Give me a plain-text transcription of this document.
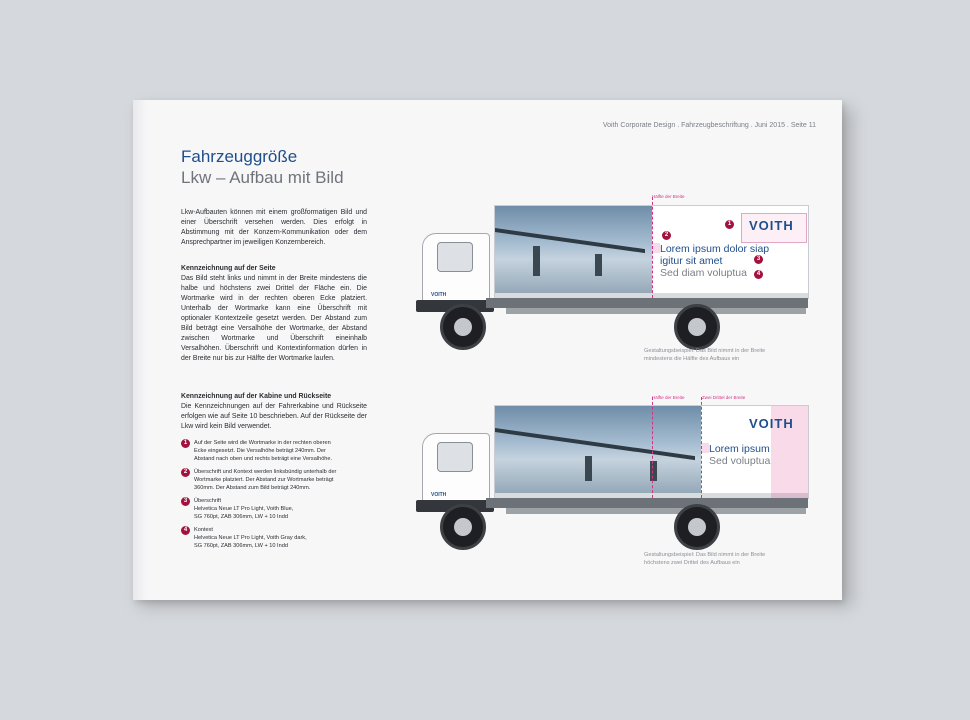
Voith Corporate Design . Fahrzeugbeschriftung . Juni 2015 . Seite 11
Fahrzeuggröße
Lkw – Aufbau mit Bild
Lkw-Aufbauten können mit einem großformatigen Bild und einer Überschrift versehen werden. Dies erfolgt in Abstimmung mit der Konzern-Kommunikation oder dem Ansprechpartner im jeweiligen Konzernbereich.
Kennzeichnung auf der Seite
Das Bild steht links und nimmt in der Breite mindestens die halbe und höchstens zwei Drittel der Fläche ein. Die Wortmarke wird in der rechten oberen Ecke platziert. Unterhalb der Wortmarke kann eine Überschrift mit optionaler Kontextzeile gesetzt werden. Der Abstand zum Bild beträgt eine Versalhöhe der Wortmarke, der Abstand zwischen Wortmarke und Überschrift eineinhalb Versalhöhen. Überschrift und Kontextinformation dürfen in der Breite nur bis zur Hälfte der Wortmarke laufen.
Kennzeichnung auf der Kabine und Rückseite
Die Kennzeichnungen auf der Fahrerkabine und Rückseite erfolgen wie auf Seite 10 beschrieben. Auf der Rückseite der Lkw wird kein Bild verwendet.
1	Auf der Seite wird die Wortmarke in der rechten oberen
Ecke eingesetzt. Die Versalhöhe beträgt 240mm. Der
Abstand nach oben und rechts beträgt eine Versalhöhe.
2	Überschrift und Kontext werden linksbündig unterhalb der
Wortmarke platziert. Der Abstand zur Wortmarke beträgt
360mm. Der Abstand zum Bild beträgt 240mm.
3	Überschrift
Helvetica Neue LT Pro Light, Voith Blue,
SG 760pt, ZAB 306mm, LW + 10 Indd
4	Kontext
Helvetica Neue LT Pro Light, Voith Gray dark,
SG 760pt, ZAB 306mm, LW + 10 Indd
VOITH
Lorem ipsum dolor siap
igitur sit amet
Sed diam voluptua
1
2
3
4
Hälfte der Breite
VOITH
Gestaltungsbeispiel: Das Bild nimmt in der Breite
mindestens die Hälfte des Aufbaus ein
VOITH
Lorem ipsum
Sed voluptua
Hälfte der Breite	Zwei Drittel der Breite
VOITH
Gestaltungsbeispiel: Das Bild nimmt in der Breite
höchstens zwei Drittel des Aufbaus ein
